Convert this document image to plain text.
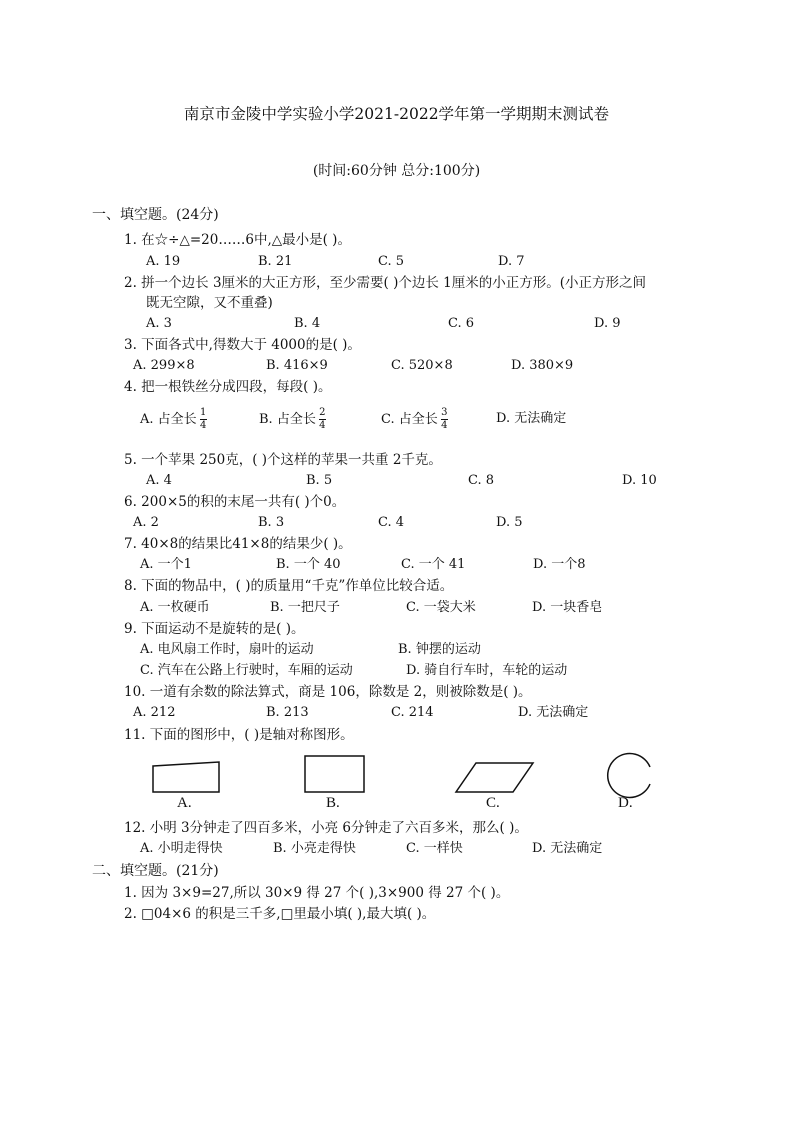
南京市金陵中学实验小学2021-2022学年第一学期期末测试卷
(时间:60分钟 总分:100分)
一、填空题。(24分)
1. 在☆÷△=20……6中,△最小是( )。
A. 19	B. 21	C. 5	D. 7
2. 拼一个边长 3厘米的大正方形，至少需要( )个边长 1厘米的小正方形。(小正方形之间
既无空隙，又不重叠)
A. 3	B. 4	C. 6	D. 9
3. 下面各式中,得数大于 4000的是( )。
A. 299×8	B. 416×9	C. 520×8	D. 380×9
4. 把一根铁丝分成四段，每段( )。
A. 占全长 $\frac{1}{4}$	B. 占全长 $\frac{2}{4}$	C. 占全长 $\frac{3}{4}$	D. 无法确定
5. 一个苹果 250克，( )个这样的苹果一共重 2千克。
A. 4	B. 5	C. 8	D. 10
6. 200×5的积的末尾一共有( )个0。
A. 2	B. 3	C. 4	D. 5
7. 40×8的结果比41×8的结果少( )。
A. 一个1	B. 一个 40	C. 一个 41	D. 一个8
8. 下面的物品中，( )的质量用“千克”作单位比较合适。
A. 一枚硬币	B. 一把尺子	C. 一袋大米	D. 一块香皂
9. 下面运动不是旋转的是( )。
A. 电风扇工作时，扇叶的运动	B. 钟摆的运动
C. 汽车在公路上行驶时，车厢的运动	D. 骑自行车时，车轮的运动
10. 一道有余数的除法算式，商是 106，除数是 2，则被除数是( )。
A. 212	B. 213	C. 214	D. 无法确定
11. 下面的图形中，( )是轴对称图形。
A.	B.	C.	D.
12. 小明 3分钟走了四百多米，小亮 6分钟走了六百多米，那么( )。
A. 小明走得快	B. 小亮走得快	C. 一样快	D. 无法确定
二、填空题。(21分)
1. 因为 3×9=27,所以 30×9 得 27 个( ),3×900 得 27 个( )。
2. □04×6 的积是三千多,□里最小填( ),最大填( )。
